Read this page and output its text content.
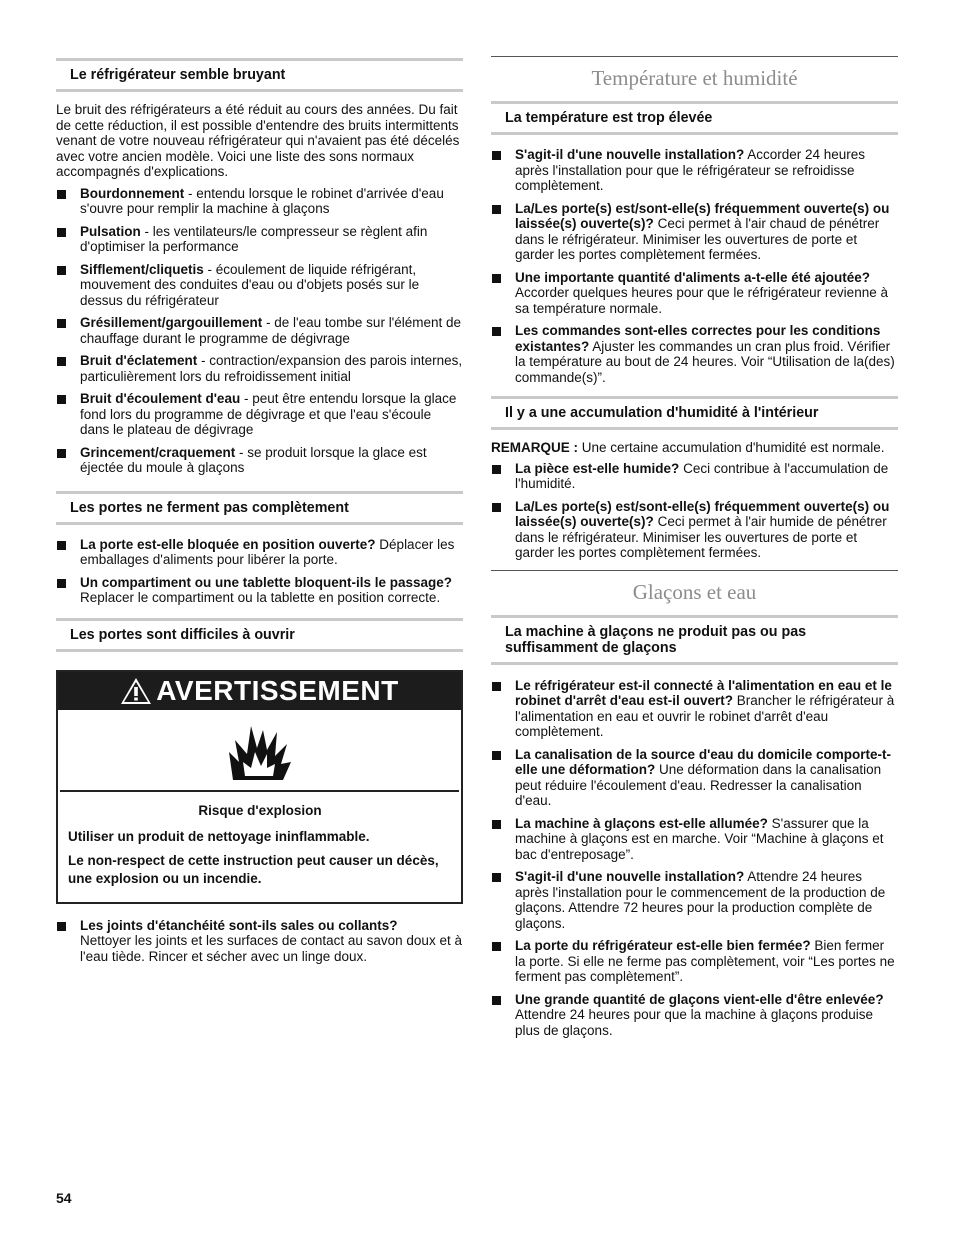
Le réfrigérateur semble bruyant

Le bruit des réfrigérateurs a été réduit au cours des années. Du fait de cette réduction, il est possible d'entendre des bruits intermittents venant de votre nouveau réfrigérateur qui n'avaient pas été décelés avec votre ancien modèle. Voici une liste des sons normaux accompagnés d'explications.

Bourdonnement - entendu lorsque le robinet d'arrivée d'eau s'ouvre pour remplir la machine à glaçons
Pulsation - les ventilateurs/le compresseur se règlent afin d'optimiser la performance
Sifflement/cliquetis - écoulement de liquide réfrigérant, mouvement des conduites d'eau ou d'objets posés sur le dessus du réfrigérateur
Grésillement/gargouillement - de l'eau tombe sur l'élément de chauffage durant le programme de dégivrage
Bruit d'éclatement - contraction/expansion des parois internes, particulièrement lors du refroidissement initial
Bruit d'écoulement d'eau - peut être entendu lorsque la glace fond lors du programme de dégivrage et que l'eau s'écoule dans le plateau de dégivrage
Grincement/craquement - se produit lorsque la glace est éjectée du moule à glaçons
Les portes ne ferment pas complètement
La porte est-elle bloquée en position ouverte? Déplacer les emballages d'aliments pour libérer la porte.
Un compartiment ou une tablette bloquent-ils le passage? Replacer le compartiment ou la tablette en position correcte.
Les portes sont difficiles à ouvrir
AVERTISSEMENT
Risque d'explosion
Utiliser un produit de nettoyage ininflammable.
Le non-respect de cette instruction peut causer un décès, une explosion ou un incendie.
Les joints d'étanchéité sont-ils sales ou collants?
Nettoyer les joints et les surfaces de contact au savon doux et à l'eau tiède. Rincer et sécher avec un linge doux.
54
Température et humidité
La température est trop élevée
S'agit-il d'une nouvelle installation? Accorder 24 heures après l'installation pour que le réfrigérateur se refroidisse complètement.
La/Les porte(s) est/sont-elle(s) fréquemment ouverte(s) ou laissée(s) ouverte(s)? Ceci permet à l'air chaud de pénétrer dans le réfrigérateur. Minimiser les ouvertures de porte et garder les portes complètement fermées.
Une importante quantité d'aliments a-t-elle été ajoutée? Accorder quelques heures pour que le réfrigérateur revienne à sa température normale.
Les commandes sont-elles correctes pour les conditions existantes? Ajuster les commandes un cran plus froid. Vérifier la température au bout de 24 heures. Voir “Utilisation de la(des) commande(s)”.
Il y a une accumulation d'humidité à l'intérieur

REMARQUE : Une certaine accumulation d'humidité est normale.

La pièce est-elle humide? Ceci contribue à l'accumulation de l'humidité.
La/Les porte(s) est/sont-elle(s) fréquemment ouverte(s) ou laissée(s) ouverte(s)? Ceci permet à l'air humide de pénétrer dans le réfrigérateur. Minimiser les ouvertures de porte et garder les portes complètement fermées.
Glaçons et eau
La machine à glaçons ne produit pas ou pas suffisamment de glaçons
Le réfrigérateur est-il connecté à l'alimentation en eau et le robinet d'arrêt d'eau est-il ouvert? Brancher le réfrigérateur à l'alimentation en eau et ouvrir le robinet d'arrêt d'eau complètement.
La canalisation de la source d'eau du domicile comporte-t-elle une déformation? Une déformation dans la canalisation peut réduire l'écoulement d'eau. Redresser la canalisation d'eau.
La machine à glaçons est-elle allumée? S'assurer que la machine à glaçons est en marche. Voir “Machine à glaçons et bac d'entreposage”.
S'agit-il d'une nouvelle installation? Attendre 24 heures après l'installation pour le commencement de la production de glaçons. Attendre 72 heures pour la production complète de glaçons.
La porte du réfrigérateur est-elle bien fermée? Bien fermer la porte. Si elle ne ferme pas complètement, voir “Les portes ne ferment pas complètement”.
Une grande quantité de glaçons vient-elle d'être enlevée?
Attendre 24 heures pour que la machine à glaçons produise plus de glaçons.
